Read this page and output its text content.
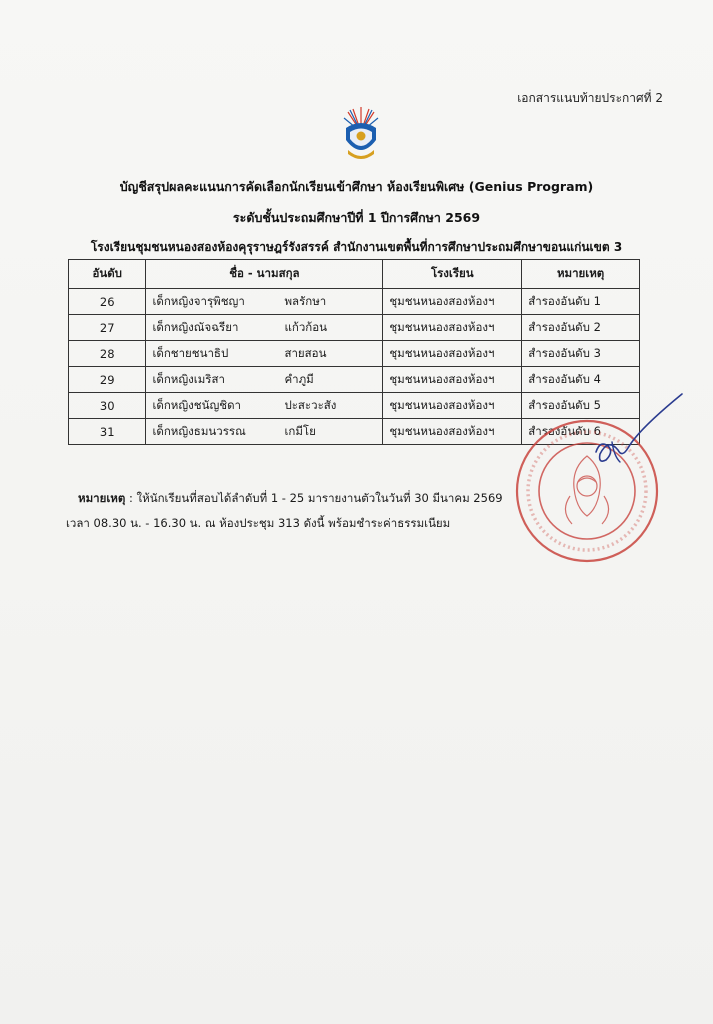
เอกสารแนบท้ายประกาศที่ 2
บัญชีสรุปผลคะแนนการคัดเลือกนักเรียนเข้าศึกษา ห้องเรียนพิเศษ (Genius Program)
ระดับชั้นประถมศึกษาปีที่ 1 ปีการศึกษา 2569
โรงเรียนชุมชนหนองสองห้องคุรุราษฎร์รังสรรค์ สำนักงานเขตพื้นที่การศึกษาประถมศึกษาขอนแก่นเขต 3
อันดับ	ชื่อ - นามสกุล	โรงเรียน	หมายเหตุ
26	เด็กหญิงจารุพิชญา พลรักษา	ชุมชนหนองสองห้องฯ	สำรองอันดับ 1
27	เด็กหญิงณัจฉรียา แก้วก้อน	ชุมชนหนองสองห้องฯ	สำรองอันดับ 2
28	เด็กชายชนาธิป สายสอน	ชุมชนหนองสองห้องฯ	สำรองอันดับ 3
29	เด็กหญิงเมริสา คำภูมี	ชุมชนหนองสองห้องฯ	สำรองอันดับ 4
30	เด็กหญิงชนัญชิดา ปะสะวะสัง	ชุมชนหนองสองห้องฯ	สำรองอันดับ 5
31	เด็กหญิงธมนวรรณ เกมีโย	ชุมชนหนองสองห้องฯ	สำรองอันดับ 6
หมายเหตุ : ให้นักเรียนที่สอบได้ลำดับที่ 1 - 25 มารายงานตัวในวันที่ 30 มีนาคม 2569
เวลา 08.30 น. - 16.30 น. ณ ห้องประชุม 313 ดังนี้ พร้อมชำระค่าธรรมเนียม
